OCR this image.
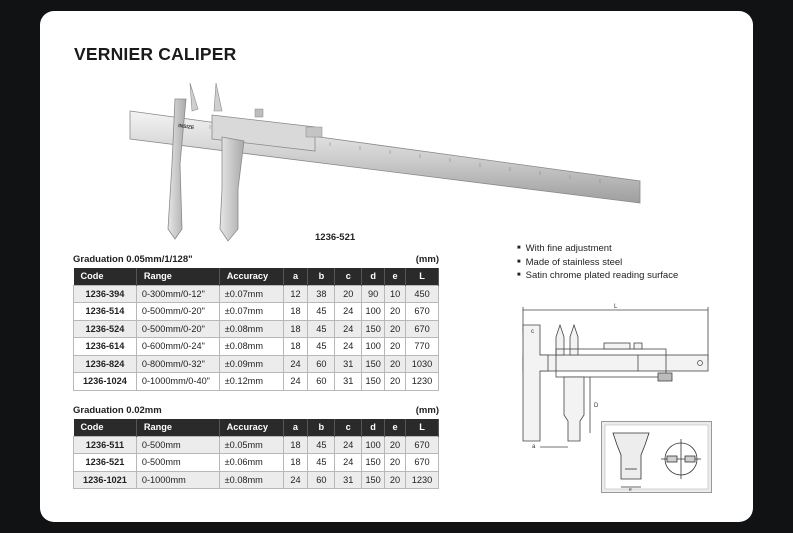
VERNIER CALIPER
INSIZE
1236-521
Graduation 0.05mm/1/128"	(mm)
Code	Range	Accuracy	a	b	c	d	e	L
1236-394	0-300mm/0-12"	±0.07mm	12	38	20	90	10	450
1236-514	0-500mm/0-20"	±0.07mm	18	45	24	100	20	670
1236-524	0-500mm/0-20"	±0.08mm	18	45	24	150	20	670
1236-614	0-600mm/0-24"	±0.08mm	18	45	24	100	20	770
1236-824	0-800mm/0-32"	±0.09mm	24	60	31	150	20	1030
1236-1024	0-1000mm/0-40"	±0.12mm	24	60	31	150	20	1230
Graduation 0.02mm	(mm)
Code	Range	Accuracy	a	b	c	d	e	L
1236-511	0-500mm	±0.05mm	18	45	24	100	20	670
1236-521	0-500mm	±0.06mm	18	45	24	150	20	670
1236-1021	0-1000mm	±0.08mm	24	60	31	150	20	1230
■ With fine adjustment
■ Made of stainless steel
■ Satin chrome plated reading surface
L
c
D
a
e
